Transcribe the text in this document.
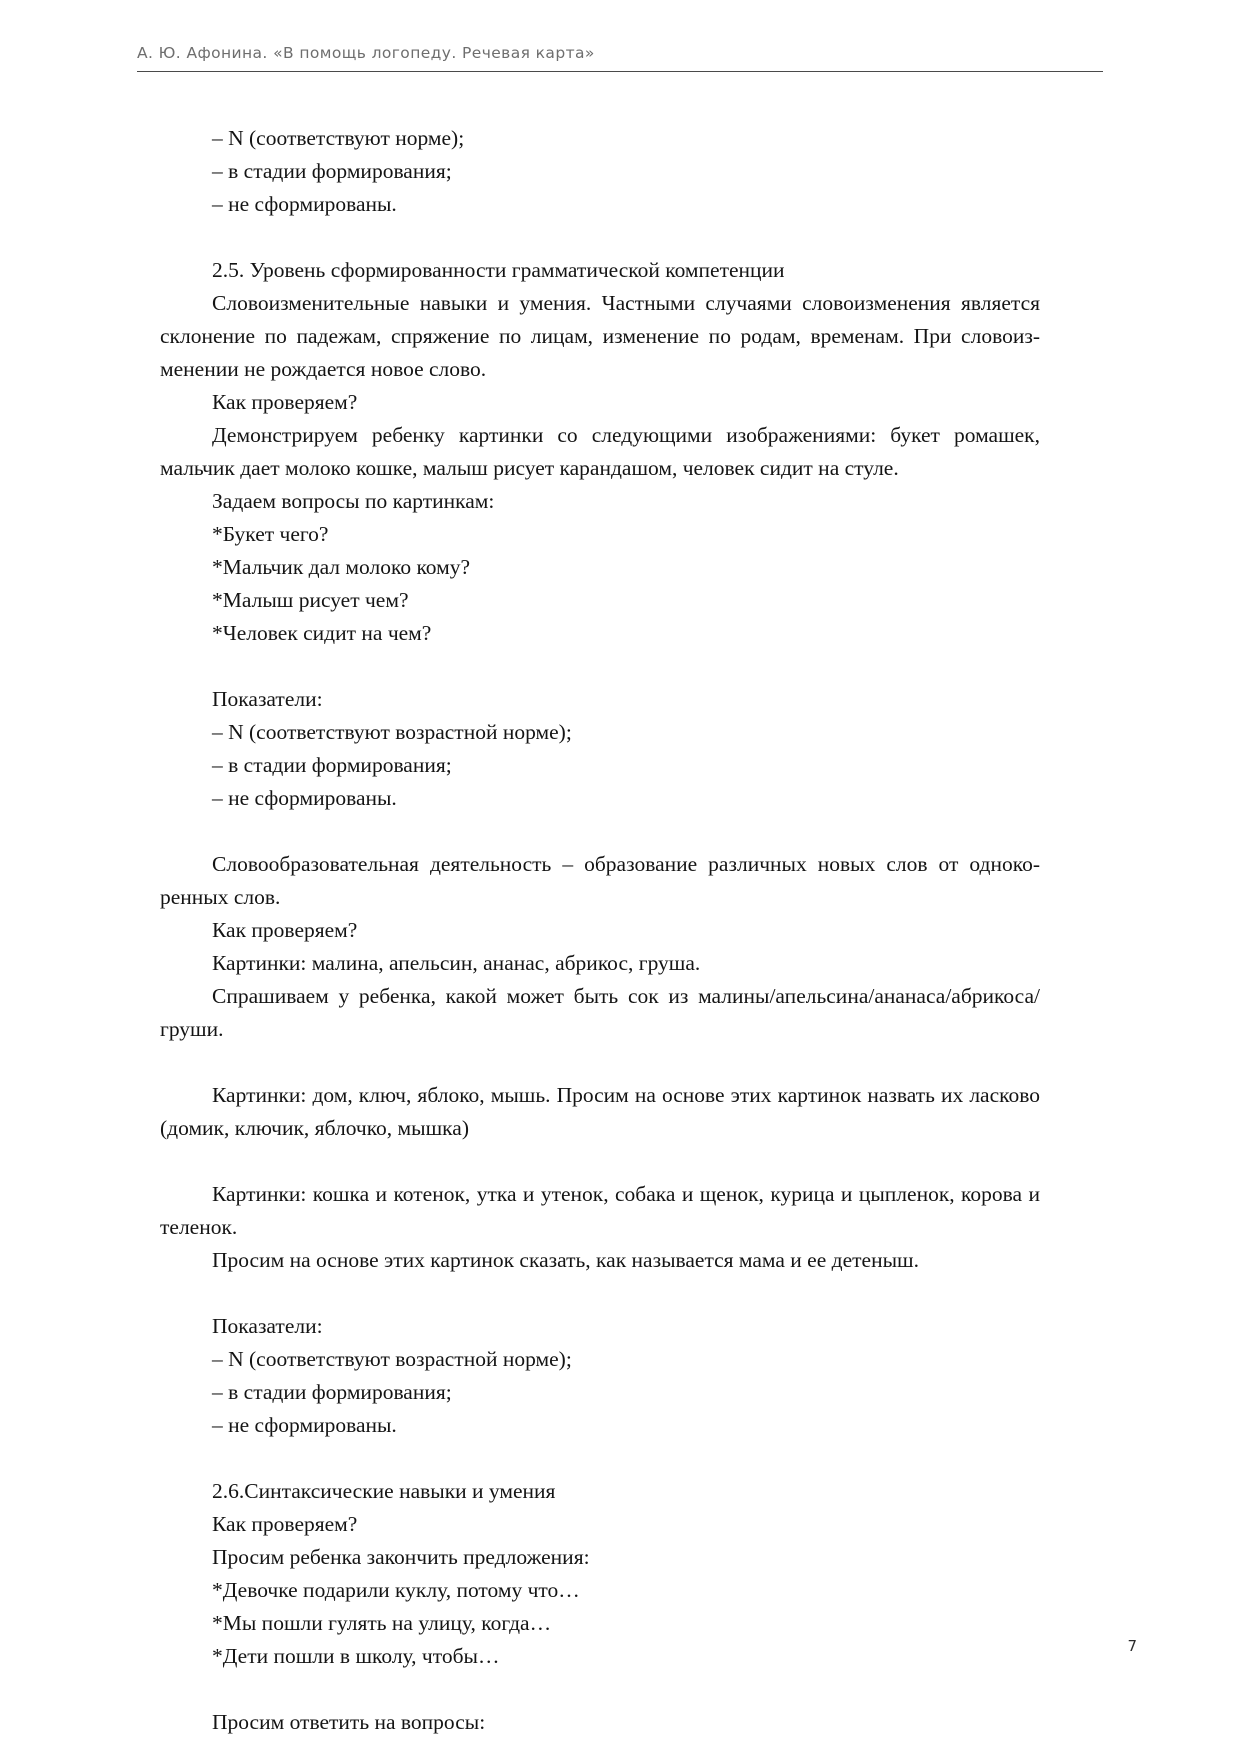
А. Ю. Афонина. «В помощь логопеду. Речевая карта»
– N (соответствуют норме);
– в стадии формирования;
– не сформированы.

2.5. Уровень сформированности грамматической компетенции

Словоизменительные навыки и умения. Частными случаями словоизменения является склонение по падежам, спряжение по лицам, изменение по родам, временам. При словоизменении не рождается новое слово.

Как проверяем?

Демонстрируем ребенку картинки со следующими изображениями: букет ромашек, мальчик дает молоко кошке, малыш рисует карандашом, человек сидит на стуле.

Задаем вопросы по картинкам:

*Букет чего?
*Мальчик дал молоко кому?
*Малыш рисует чем?
*Человек сидит на чем?
Показатели:
– N (соответствуют возрастной норме);
– в стадии формирования;
– не сформированы.

Словообразовательная деятельность – образование различных новых слов от однокоренных слов.

Как проверяем?

Картинки: малина, апельсин, ананас, абрикос, груша.

Спрашиваем у ребенка, какой может быть сок из малины/апельсина/ананаса/абрикоса/груши.

Картинки: дом, ключ, яблоко, мышь. Просим на основе этих картинок назвать их ласково (домик, ключик, яблочко, мышка)

Картинки: кошка и котенок, утка и утенок, собака и щенок, курица и цыпленок, корова и теленок.

Просим на основе этих картинок сказать, как называется мама и ее детеныш.

Показатели:
– N (соответствуют возрастной норме);
– в стадии формирования;
– не сформированы.

2.6.Синтаксические навыки и умения

Как проверяем?

Просим ребенка закончить предложения:

*Девочке подарили куклу, потому что…
*Мы пошли гулять на улицу, когда…
*Дети пошли в школу, чтобы…

Просим ответить на вопросы:

7
